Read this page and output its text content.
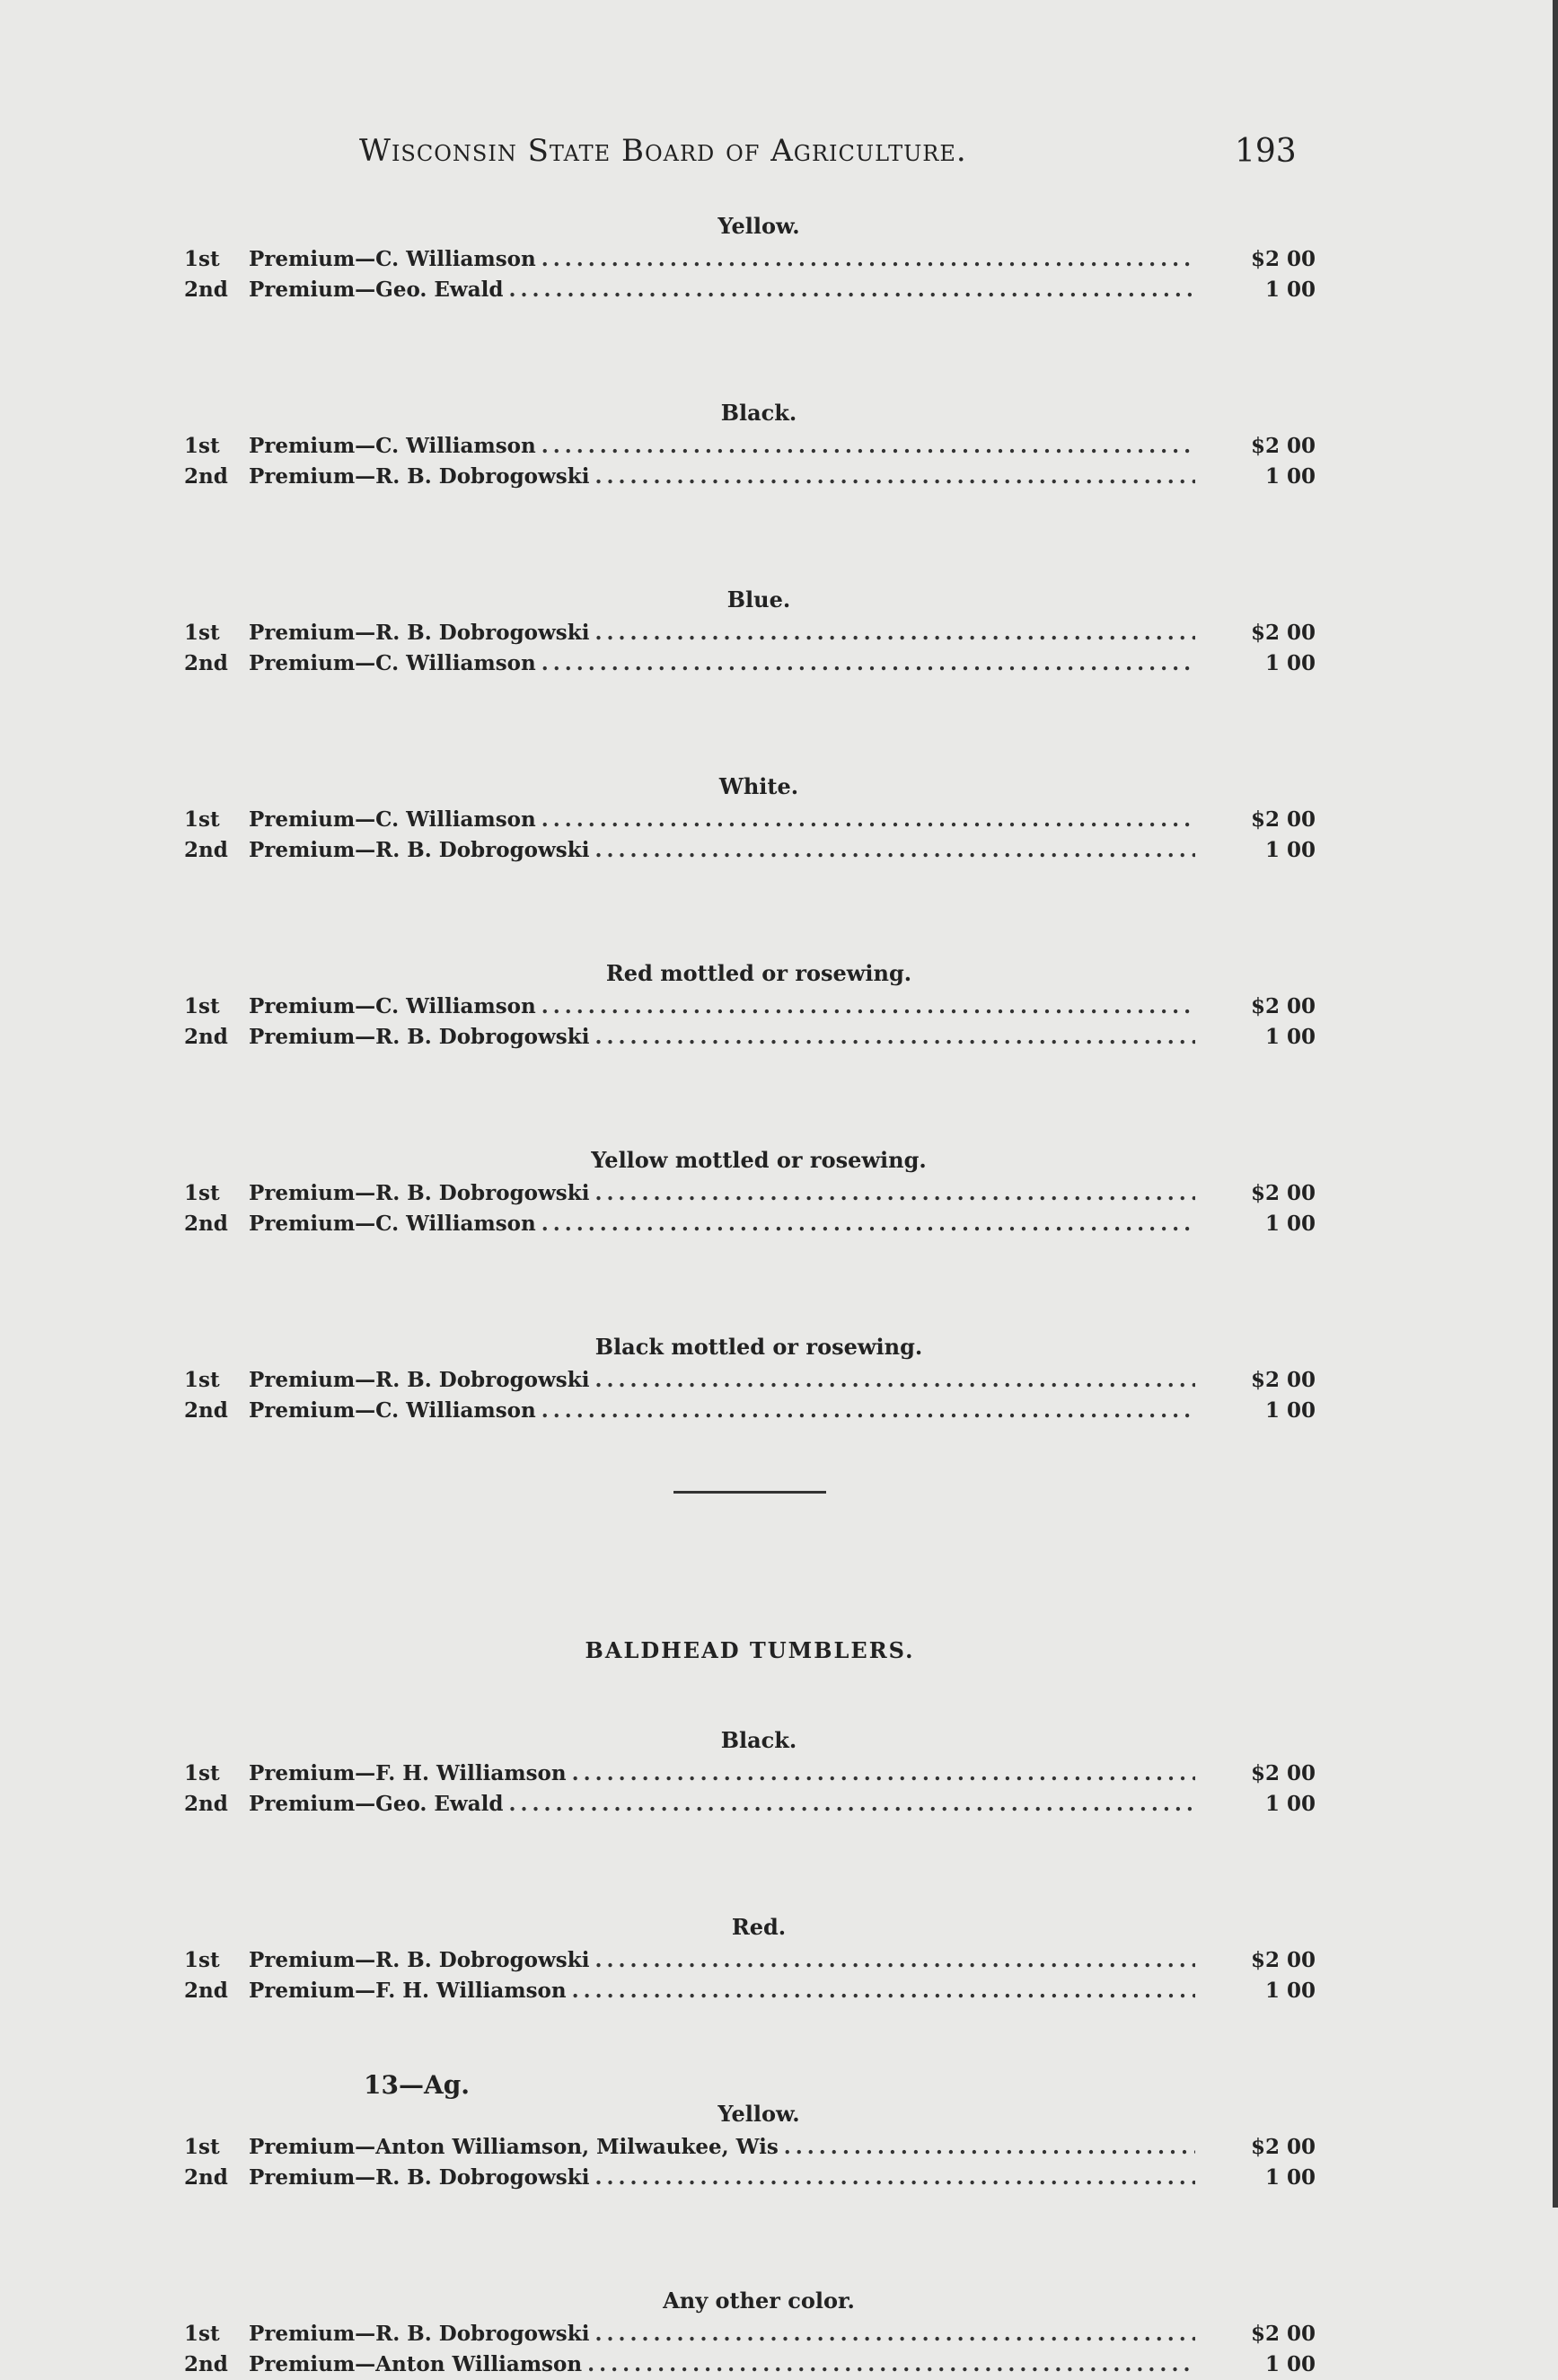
Wisconsin State Board of Agriculture.	193
Yellow.
1st	Premium—C. Williamson .....	$2 00
2nd	Premium—Geo. Ewald .....	1 00
Black.
1st	Premium—C. Williamson .....	$2 00
2nd	Premium—R. B. Dobrogowski .....	1 00
Blue.
1st	Premium—R. B. Dobrogowski .....	$2 00
2nd	Premium—C. Williamson .....	1 00
White.
1st	Premium—C. Williamson .....	$2 00
2nd	Premium—R. B. Dobrogowski .....	1 00
Red mottled or rosewing.
1st	Premium—C. Williamson .....	$2 00
2nd	Premium—R. B. Dobrogowski .....	1 00
Yellow mottled or rosewing.
1st	Premium—R. B. Dobrogowski .....	$2 00
2nd	Premium—C. Williamson .....	1 00
Black mottled or rosewing.
1st	Premium—R. B. Dobrogowski .....	$2 00
2nd	Premium—C. Williamson .....	1 00
BALDHEAD TUMBLERS.
Black.
1st	Premium—F. H. Williamson .....	$2 00
2nd	Premium—Geo. Ewald .....	1 00
Red.
1st	Premium—R. B. Dobrogowski .....	$2 00
2nd	Premium—F. H. Williamson .....	1 00
Yellow.
1st	Premium—Anton Williamson, Milwaukee, Wis .....	$2 00
2nd	Premium—R. B. Dobrogowski .....	1 00
Any other color.
1st	Premium—R. B. Dobrogowski .....	$2 00
2nd	Premium—Anton Williamson .....	1 00
13—Ag.
